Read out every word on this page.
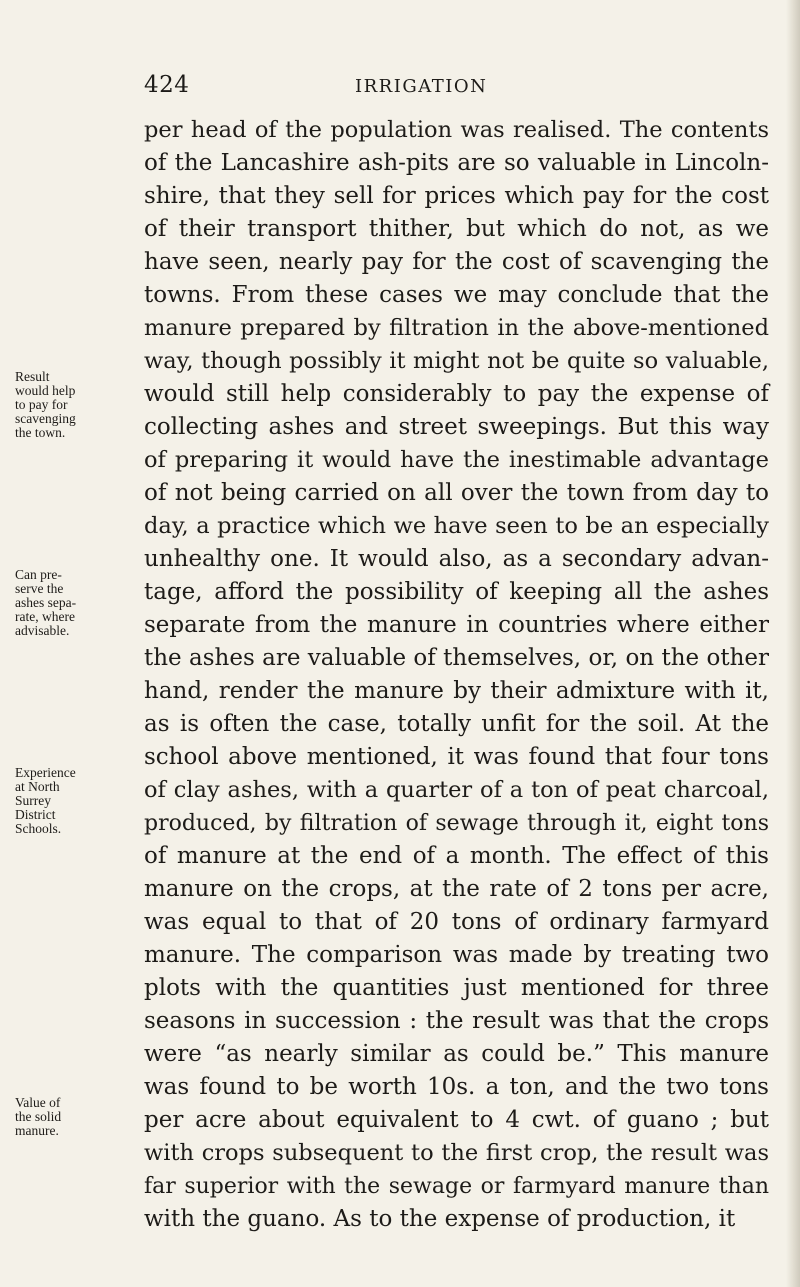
424	IRRIGATION
Result
would help
to pay for
scavenging
the town.
Can pre-
serve the
ashes sepa-
rate, where
advisable.
Experience
at North
Surrey
District
Schools.
Value of
the solid
manure.
per head of the population was realised. The contents
of the Lancashire ash-pits are so valuable in Lincoln-
shire, that they sell for prices which pay for the cost
of their transport thither, but which do not, as we
have seen, nearly pay for the cost of scavenging the
towns. From these cases we may conclude that the
manure prepared by filtration in the above-mentioned
way, though possibly it might not be quite so valuable,
would still help considerably to pay the expense of
collecting ashes and street sweepings. But this way
of preparing it would have the inestimable advantage
of not being carried on all over the town from day to
day, a practice which we have seen to be an especially
unhealthy one. It would also, as a secondary advan-
tage, afford the possibility of keeping all the ashes
separate from the manure in countries where either
the ashes are valuable of themselves, or, on the other
hand, render the manure by their admixture with it,
as is often the case, totally unfit for the soil. At the
school above mentioned, it was found that four tons
of clay ashes, with a quarter of a ton of peat charcoal,
produced, by filtration of sewage through it, eight tons
of manure at the end of a month. The effect of this
manure on the crops, at the rate of 2 tons per acre,
was equal to that of 20 tons of ordinary farmyard
manure. The comparison was made by treating two
plots with the quantities just mentioned for three
seasons in succession : the result was that the crops
were “as nearly similar as could be.” This manure
was found to be worth 10s. a ton, and the two tons
per acre about equivalent to 4 cwt. of guano ; but
with crops subsequent to the first crop, the result was
far superior with the sewage or farmyard manure than
with the guano. As to the expense of production, it
